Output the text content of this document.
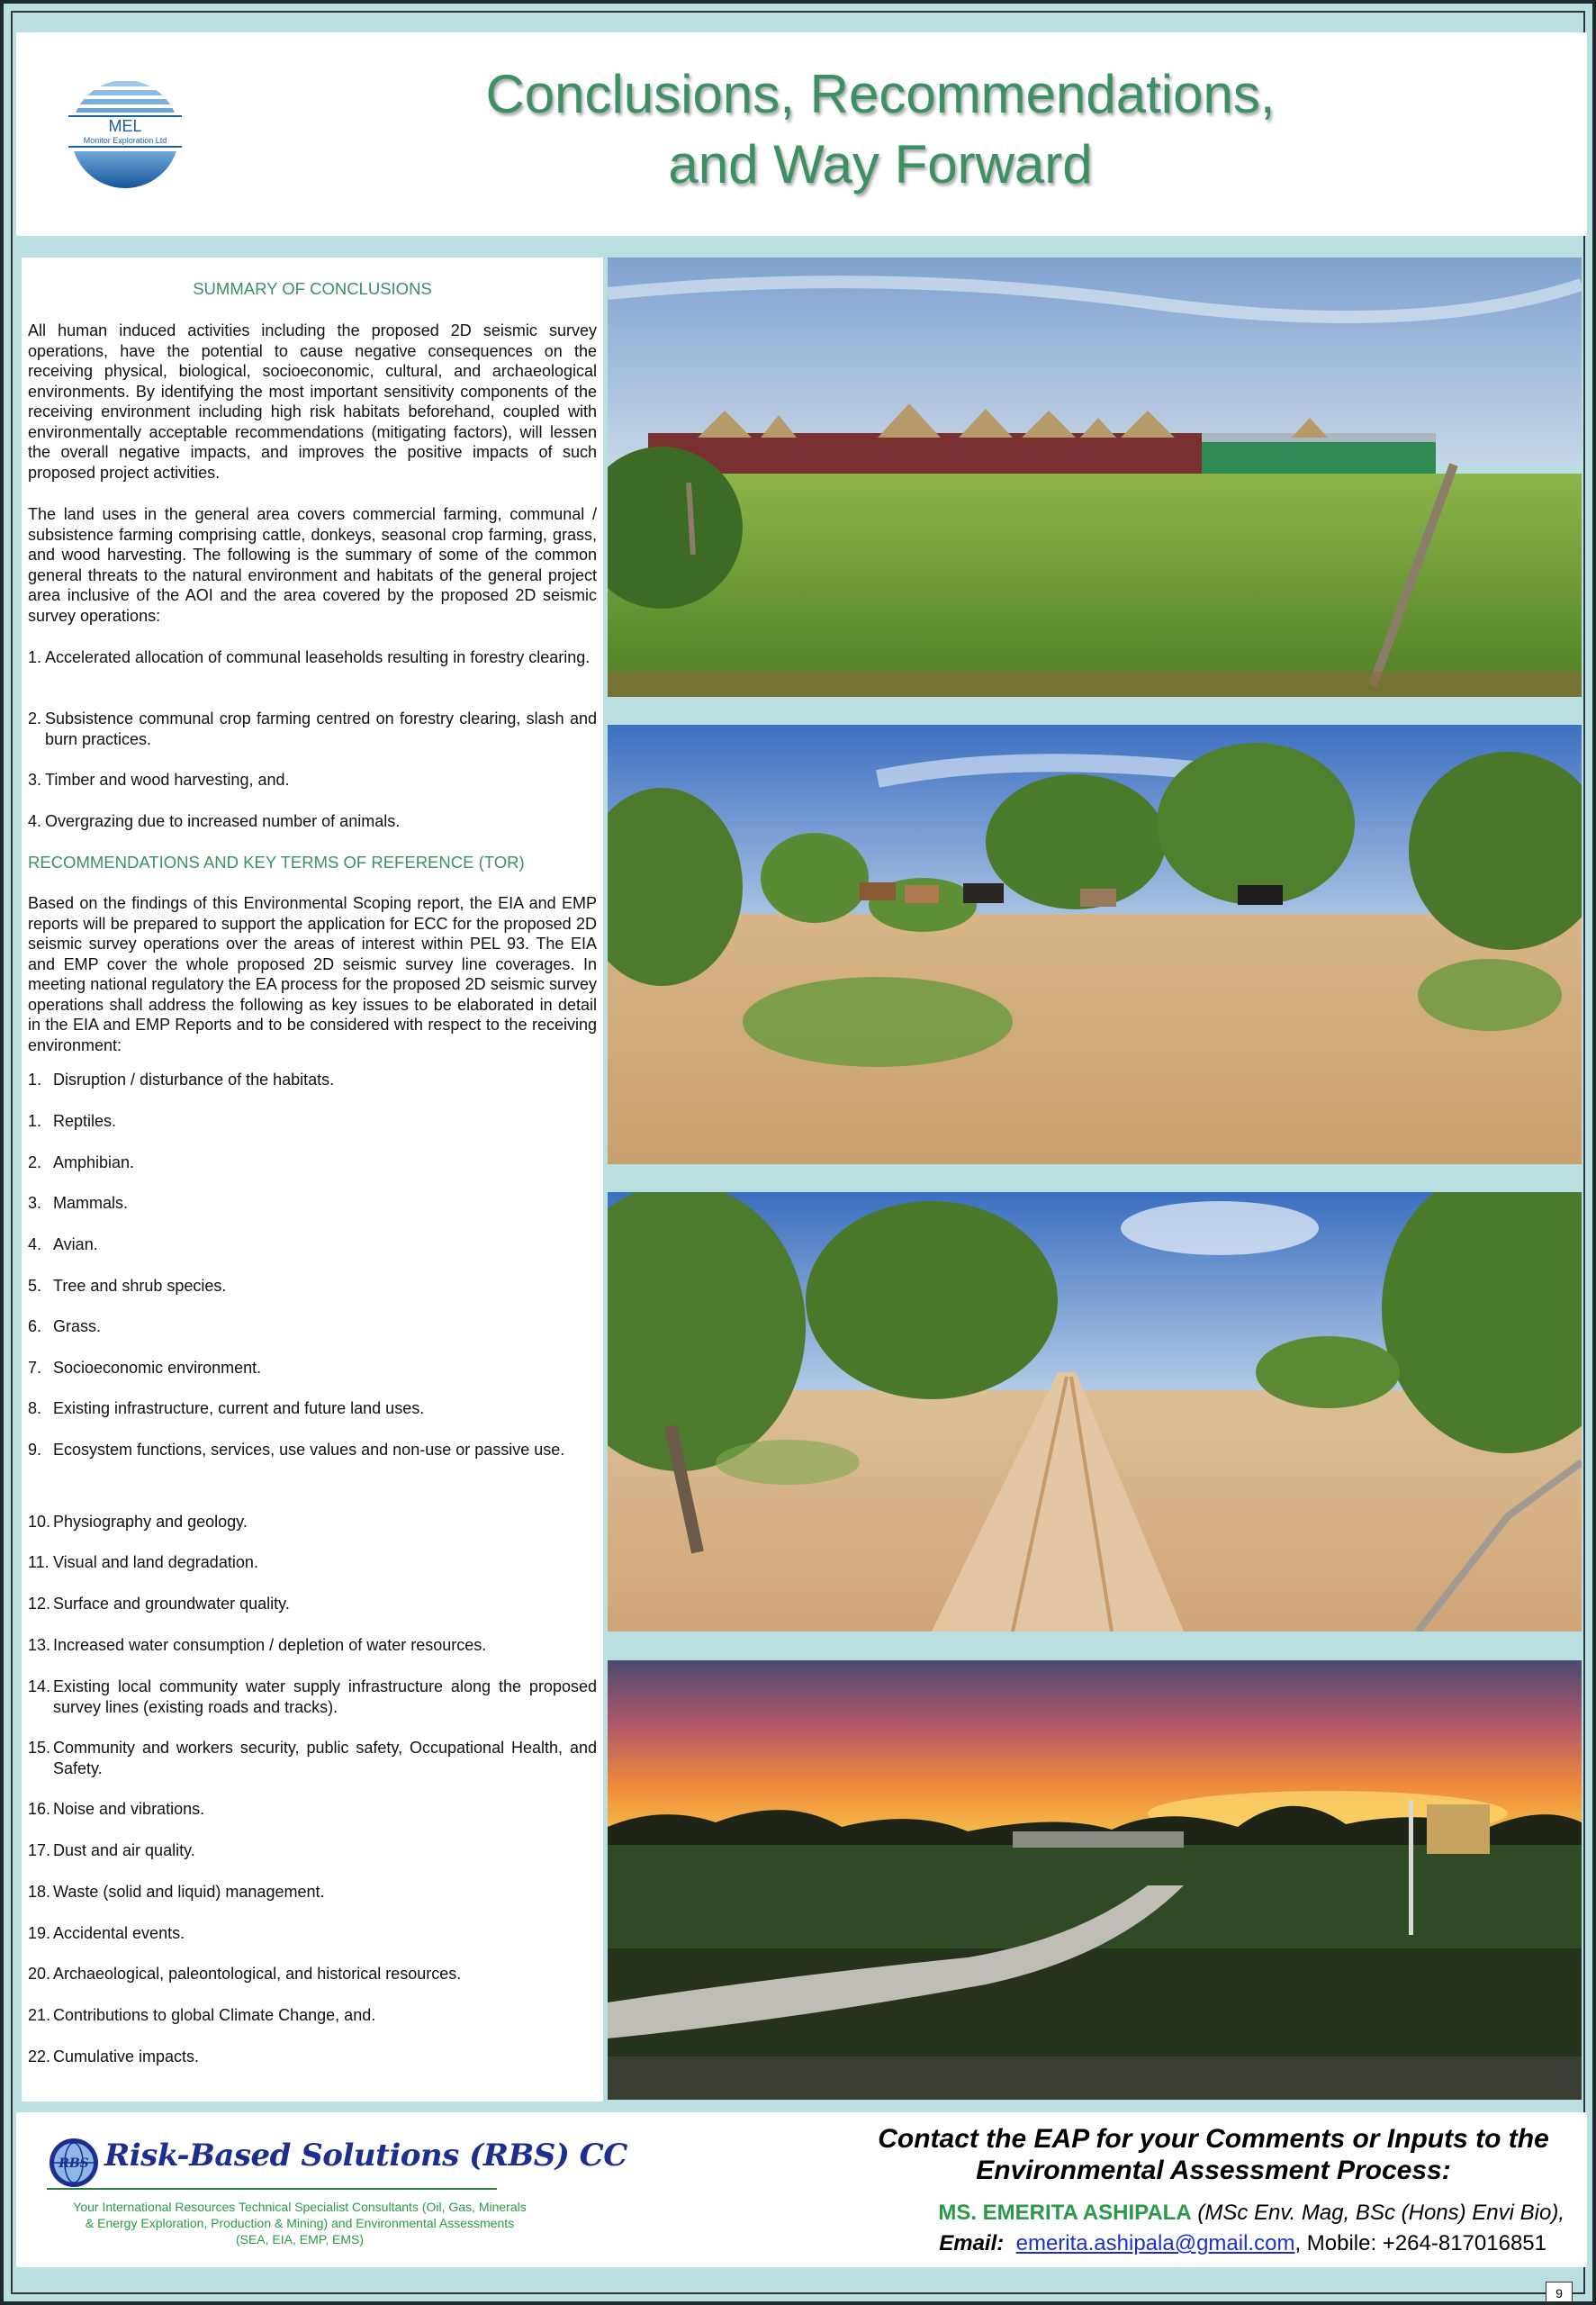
MEL
Monitor Exploration Ltd
Conclusions, Recommendations,
and Way Forward
SUMMARY OF CONCLUSIONS
All human induced activities including the proposed 2D seismic survey operations, have the potential to cause negative consequences on the receiving physical, biological, socioeconomic, cultural, and archaeological environments. By identifying the most important sensitivity components of the receiving environment including high risk habitats beforehand, coupled with environmentally acceptable recommendations (mitigating factors), will lessen the overall negative impacts, and improves the positive impacts of such proposed project activities.
The land uses in the general area covers commercial farming, communal / subsistence farming comprising cattle, donkeys, seasonal crop farming, grass, and wood harvesting. The following is the summary of some of the common general threats to the natural environment and habitats of the general project area inclusive of the AOI and the area covered by the proposed 2D seismic survey operations:
1. Accelerated allocation of communal leaseholds resulting in forestry clearing.
2. Subsistence communal crop farming centred on forestry clearing, slash and burn practices.
3. Timber and wood harvesting, and.
4. Overgrazing due to increased number of animals.
RECOMMENDATIONS AND KEY TERMS OF REFERENCE (TOR)
Based on the findings of this Environmental Scoping report, the EIA and EMP reports will be prepared to support the application for ECC for the proposed 2D seismic survey operations over the areas of interest within PEL 93. The EIA and EMP cover the whole proposed 2D seismic survey line coverages. In meeting national regulatory the EA process for the proposed 2D seismic survey operations shall address the following as key issues to be elaborated in detail in the EIA and EMP Reports and to be considered with respect to the receiving environment:
1. Disruption / disturbance of the habitats.
1. Reptiles.
2. Amphibian.
3. Mammals.
4. Avian.
5. Tree and shrub species.
6. Grass.
7. Socioeconomic environment.
8. Existing infrastructure, current and future land uses.
9. Ecosystem functions, services, use values and non-use or passive use.
10. Physiography and geology.
11. Visual and land degradation.
12. Surface and groundwater quality.
13. Increased water consumption / depletion of water resources.
14. Existing local community water supply infrastructure along the proposed survey lines (existing roads and tracks).
15. Community and workers security, public safety, Occupational Health, and Safety.
16. Noise and vibrations.
17. Dust and air quality.
18. Waste (solid and liquid) management.
19. Accidental events.
20. Archaeological, paleontological, and historical resources.
21. Contributions to global Climate Change, and.
22. Cumulative impacts.
RBS Risk-Based Solutions (RBS) CC
Your International Resources Technical Specialist Consultants (Oil, Gas, Minerals & Energy Exploration, Production & Mining) and Environmental Assessments (SEA, EIA, EMP, EMS)
Contact the EAP for your Comments or Inputs to the Environmental Assessment Process:
MS. EMERITA ASHIPALA (MSc Env. Mag, BSc (Hons) Envi Bio),
Email: emerita.ashipala@gmail.com, Mobile: +264-817016851
9
